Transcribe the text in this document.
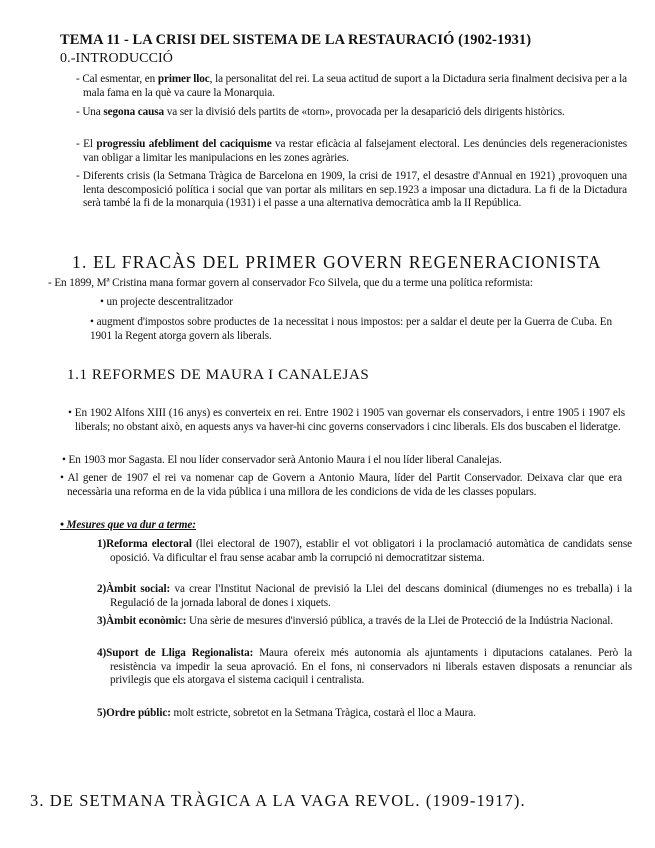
TEMA 11 - LA CRISI DEL SISTEMA DE LA RESTAURACIÓ (1902-1931)
0.-INTRODUCCIÓ
- Cal esmentar, en primer lloc, la personalitat del rei. La seua actitud de suport a la Dictadura seria finalment decisiva per a la mala fama en la què va caure la Monarquia.
- Una segona causa va ser la divisió dels partits de «torn», provocada per la desaparició dels dirigents històrics.
- El progressiu afebliment del caciquisme va restar eficàcia al falsejament electoral. Les denúncies dels regeneracionistes van obligar a limitar les manipulacions en les zones agràries.
- Diferents crisis (la Setmana Tràgica de Barcelona en 1909, la crisi de 1917, el desastre d'Annual en 1921) ,provoquen una lenta descomposició política i social que van portar als militars en sep.1923 a imposar una dictadura. La fi de la Dictadura serà també la fi de la monarquia (1931) i el passe a una alternativa democràtica amb la II República.
1. EL FRACÀS DEL PRIMER GOVERN REGENERACIONISTA
- En 1899, Mª Cristina mana formar govern al conservador Fco Silvela, que du a terme una política reformista:
• un projecte descentralitzador
• augment d'impostos sobre productes de 1a necessitat i nous impostos: per a saldar el deute per la Guerra de Cuba. En 1901 la Regent atorga govern als liberals.
1.1 REFORMES DE MAURA I CANALEJAS
• En 1902 Alfons XIII (16 anys) es converteix en rei. Entre 1902 i 1905 van governar els conservadors, i entre 1905 i 1907 els liberals; no obstant això, en aquests anys va haver-hi cinc governs conservadors i cinc liberals. Els dos buscaben el lideratge.
• En 1903 mor Sagasta. El nou líder conservador serà Antonio Maura i el nou líder liberal Canalejas.
• Al gener de 1907 el rei va nomenar cap de Govern a Antonio Maura, líder del Partit Conservador. Deixava clar que era necessària una reforma en de la vida pública i una millora de les condicions de vida de les classes populars.
• Mesures que va dur a terme:
1)Reforma electoral (llei electoral de 1907), establir el vot obligatori i la proclamació automàtica de candidats sense oposició. Va dificultar el frau sense acabar amb la corrupció ni democratitzar sistema.
2)Àmbit social: va crear l'Institut Nacional de previsió la Llei del descans dominical (diumenges no es treballa) i la Regulació de la jornada laboral de dones i xiquets.
3)Àmbit econòmic: Una sèrie de mesures d'inversió pública, a través de la Llei de Protecció de la Indústria Nacional.
4)Suport de Lliga Regionalista: Maura ofereix més autonomia als ajuntaments i diputacions catalanes. Però la resistència va impedir la seua aprovació. En el fons, ni conservadors ni liberals estaven disposats a renunciar als privilegis que els atorgava el sistema caciquil i centralista.
5)Ordre públic: molt estricte, sobretot en la Setmana Tràgica, costarà el lloc a Maura.
3. DE SETMANA TRÀGICA A LA VAGA REVOL. (1909-1917).
